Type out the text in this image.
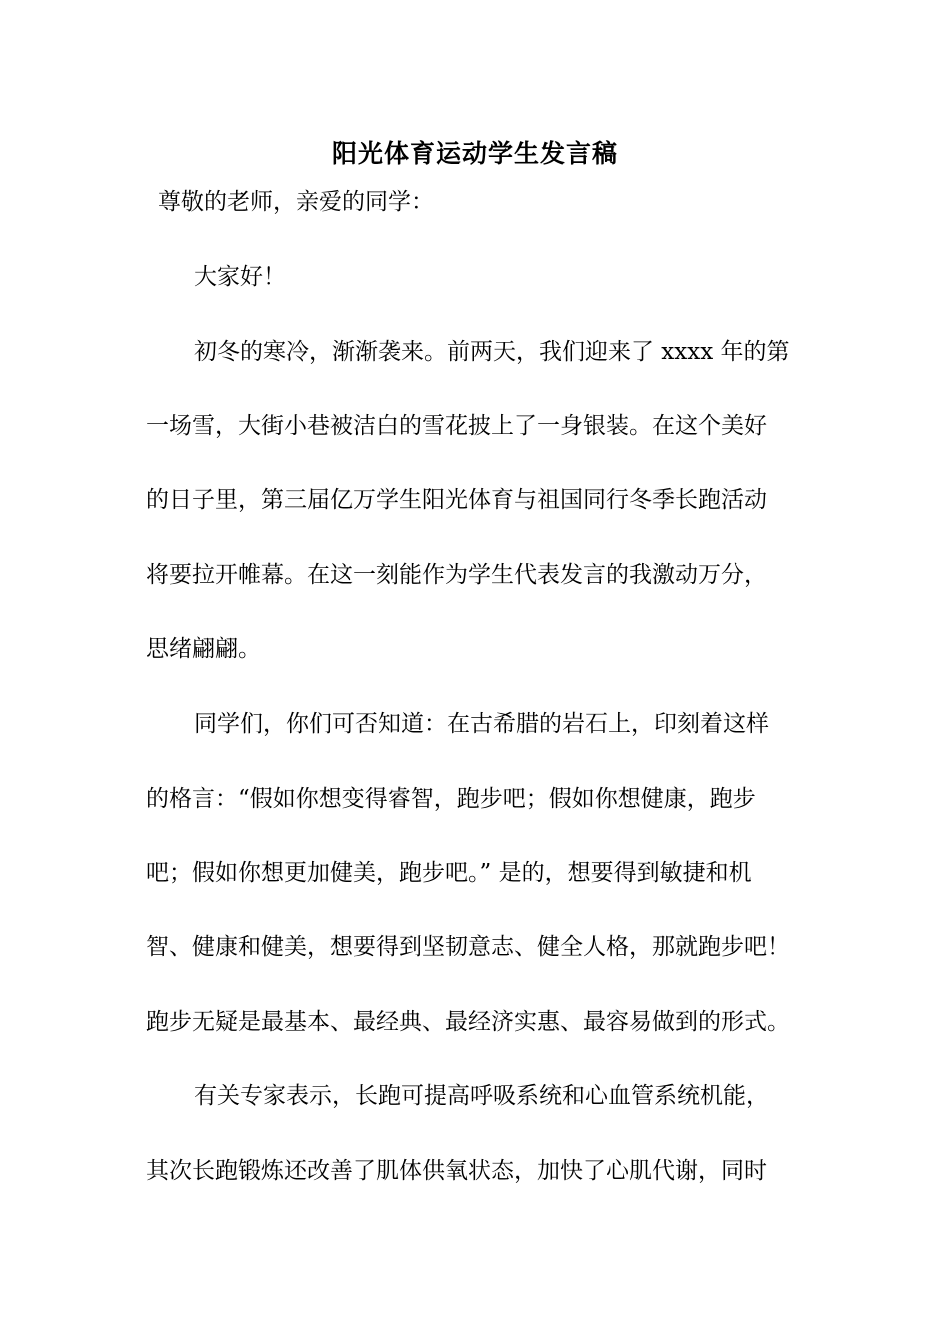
阳光体育运动学生发言稿

尊敬的老师，亲爱的同学：

大家好！

初冬的寒冷，渐渐袭来。前两天，我们迎来了 xxxx 年的第

一场雪，大街小巷被洁白的雪花披上了一身银装。在这个美好

的日子里，第三届亿万学生阳光体育与祖国同行冬季长跑活动

将要拉开帷幕。在这一刻能作为学生代表发言的我激动万分，

思绪翩翩。

同学们，你们可否知道：在古希腊的岩石上，印刻着这样

的格言：“假如你想变得睿智，跑步吧；假如你想健康，跑步

吧；假如你想更加健美，跑步吧。” 是的，想要得到敏捷和机

智、健康和健美，想要得到坚韧意志、健全人格，那就跑步吧！

跑步无疑是最基本、最经典、最经济实惠、最容易做到的形式。

有关专家表示，长跑可提高呼吸系统和心血管系统机能，

其次长跑锻炼还改善了肌体供氧状态，加快了心肌代谢，同时
